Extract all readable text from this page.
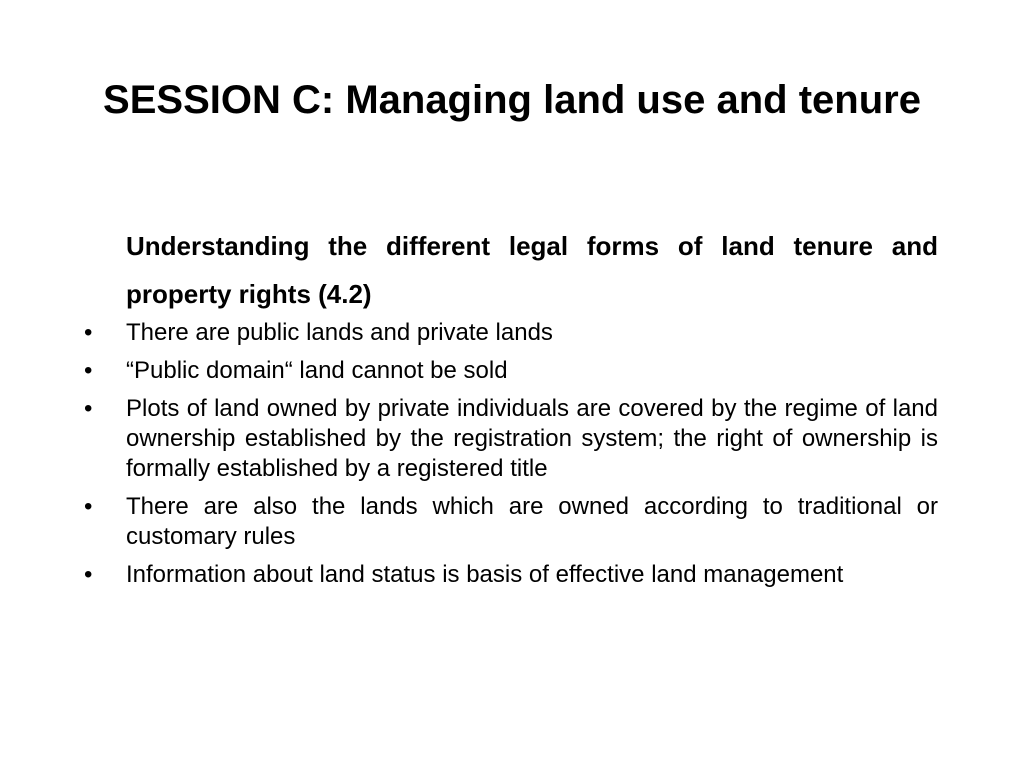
SESSION C: Managing land use and tenure
Understanding the different legal forms of land tenure and property rights (4.2)
•	There are public lands and private lands
•	“Public domain“ land cannot be sold
•	Plots of land owned by private individuals are covered by the regime of land ownership established by the registration system; the right of ownership is formally established by a registered title
•	There are also the lands which are owned according to traditional or customary rules
•	Information about land status is basis of effective land management
